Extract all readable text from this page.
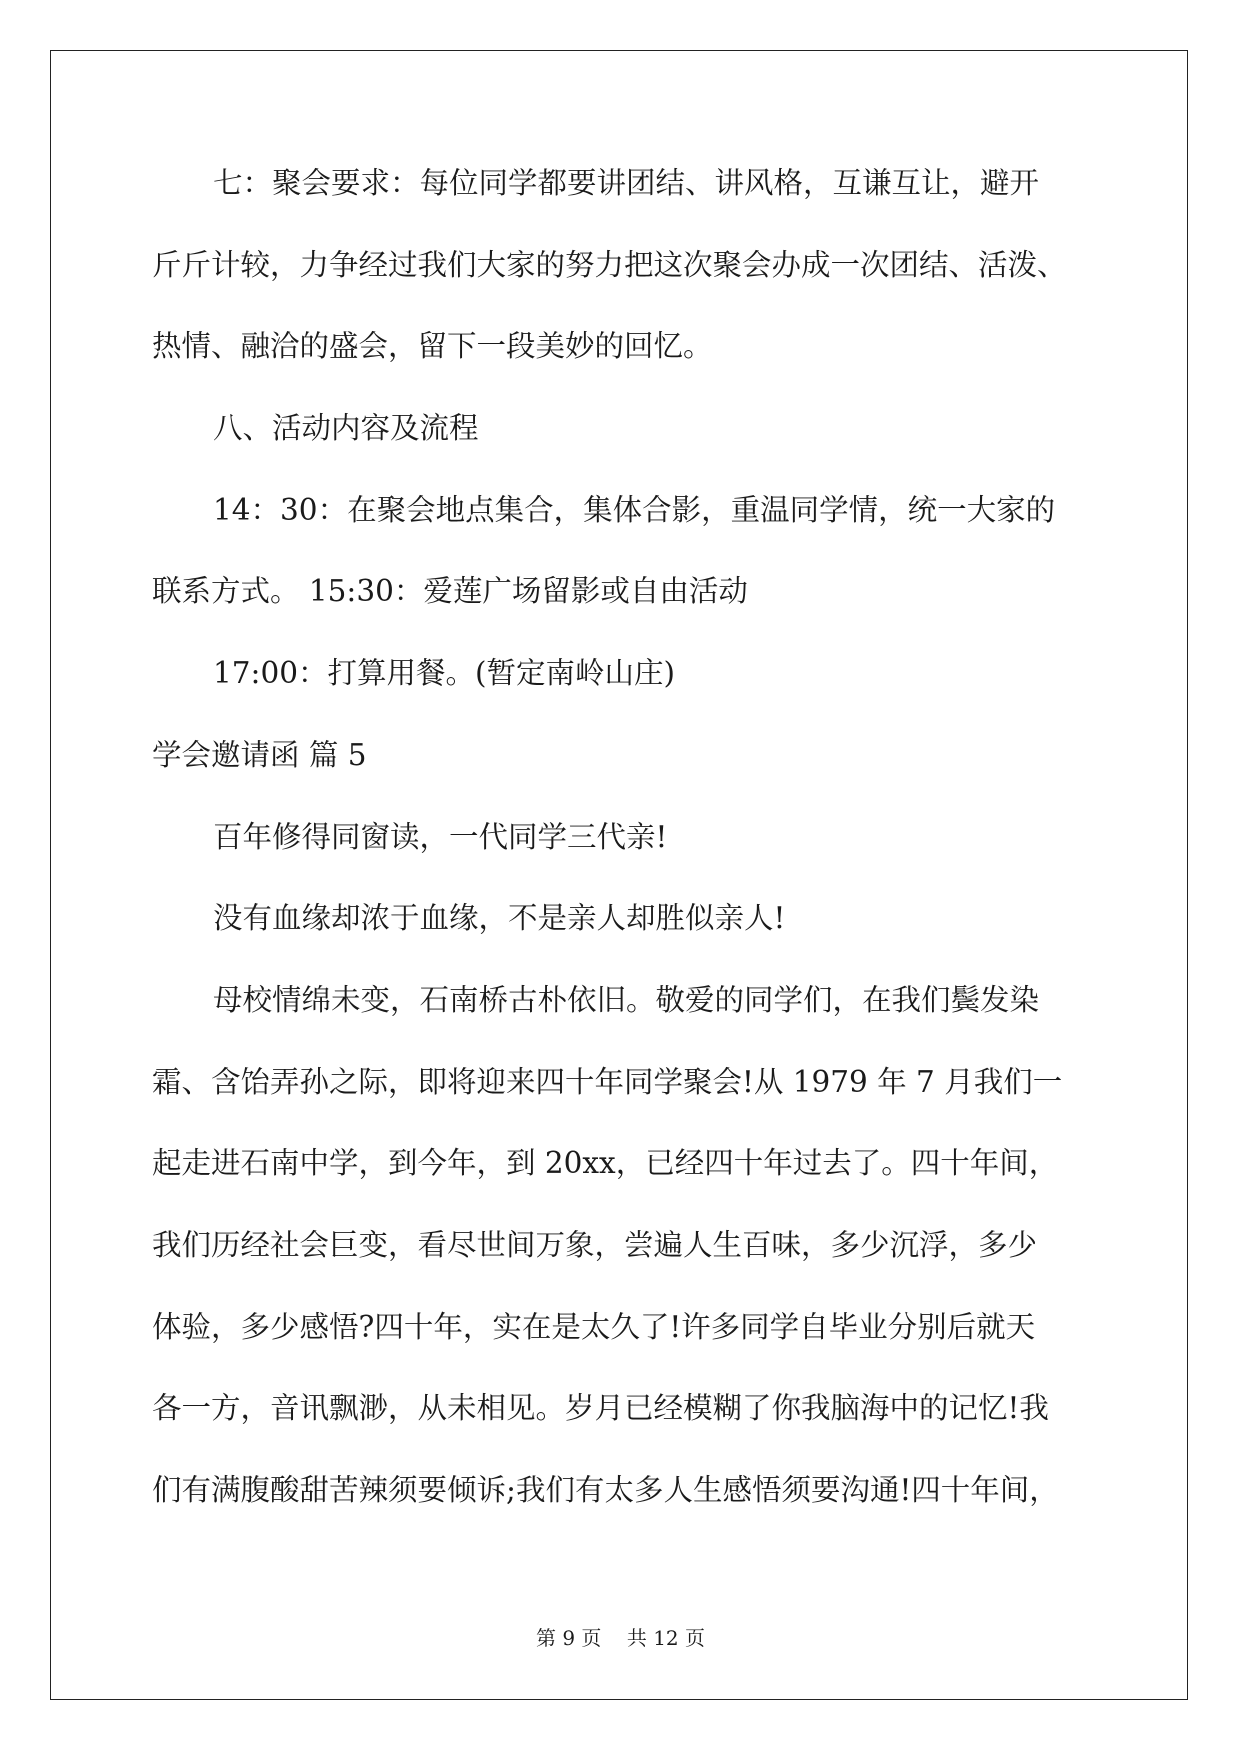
七：聚会要求：每位同学都要讲团结、讲风格，互谦互让，避开
斤斤计较，力争经过我们大家的努力把这次聚会办成一次团结、活泼、
热情、融洽的盛会，留下一段美妙的回忆。
八、活动内容及流程
14：30：在聚会地点集合，集体合影，重温同学情，统一大家的
联系方式。 15:30：爱莲广场留影或自由活动
17:00：打算用餐。(暂定南岭山庄)
学会邀请函 篇 5
百年修得同窗读，一代同学三代亲!
没有血缘却浓于血缘，不是亲人却胜似亲人!
母校情绵未变，石南桥古朴依旧。敬爱的同学们，在我们鬓发染
霜、含饴弄孙之际，即将迎来四十年同学聚会!从 1979 年 7 月我们一
起走进石南中学，到今年，到 20xx，已经四十年过去了。四十年间，
我们历经社会巨变，看尽世间万象，尝遍人生百味，多少沉浮，多少
体验，多少感悟?四十年，实在是太久了!许多同学自毕业分别后就天
各一方，音讯飘渺，从未相见。岁月已经模糊了你我脑海中的记忆!我
们有满腹酸甜苦辣须要倾诉;我们有太多人生感悟须要沟通!四十年间，
第 9 页    共 12 页
